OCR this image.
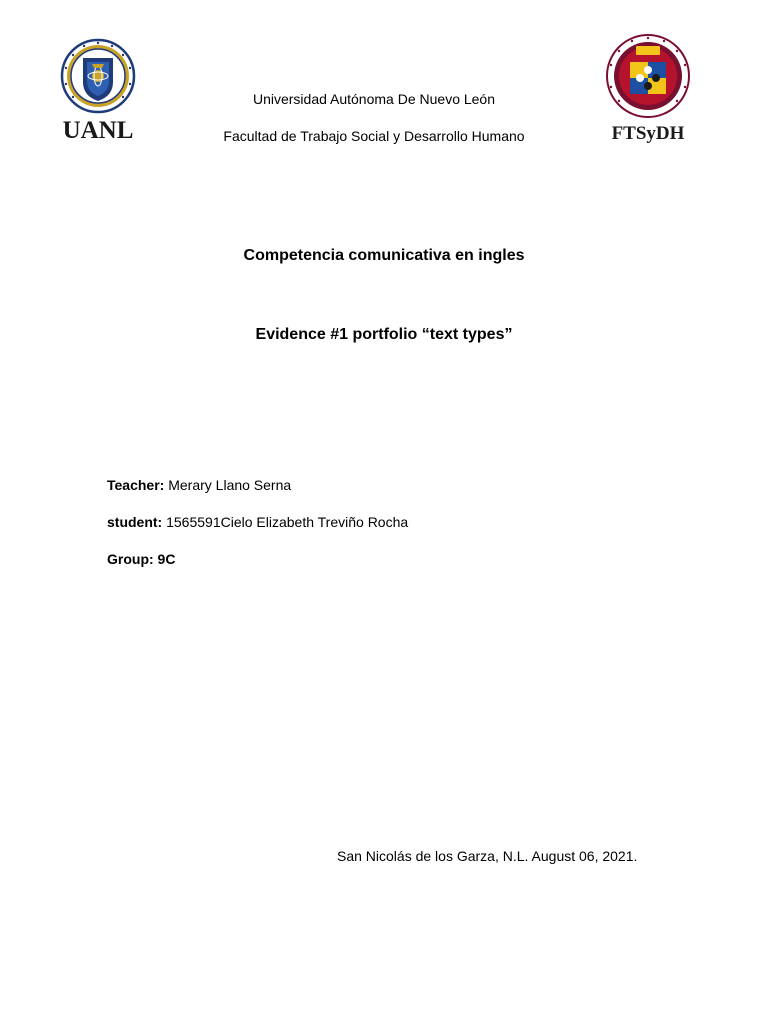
UANL	FTSyDH
Universidad Autónoma De Nuevo León
Facultad de Trabajo Social y Desarrollo Humano
Competencia comunicativa en ingles
Evidence #1 portfolio “text types”
Teacher: Merary Llano Serna
student: 1565591Cielo Elizabeth Treviño Rocha
Group: 9C
San Nicolás de los Garza, N.L. August 06, 2021.
